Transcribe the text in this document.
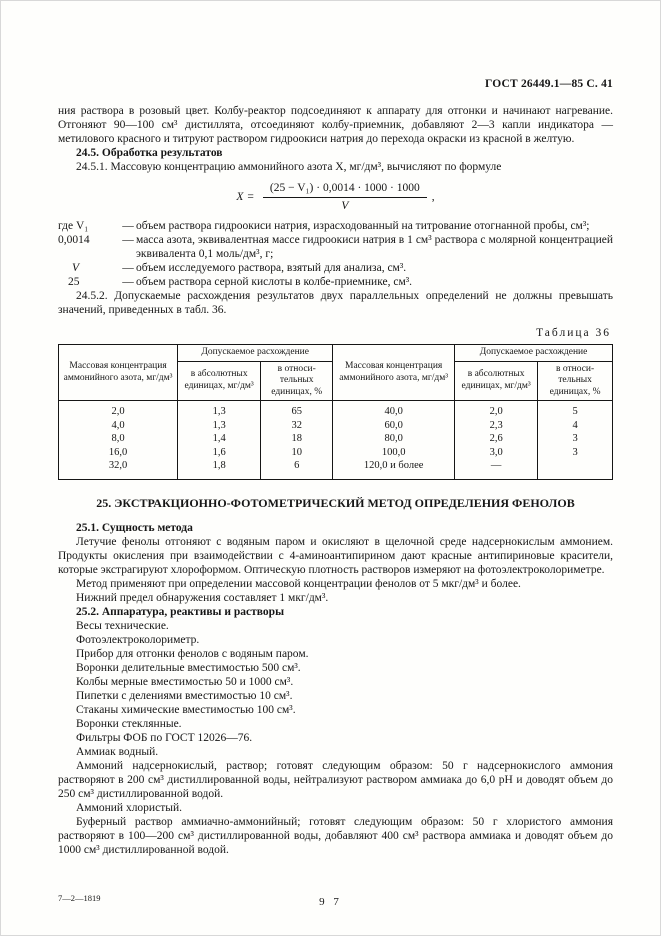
ГОСТ 26449.1—85 С. 41

ния раствора в розовый цвет. Колбу-реактор подсоединяют к аппарату для отгонки и начинают нагревание. Отгоняют 90—100 см³ дистиллята, отсоединяют колбу-приемник, добавляют 2—3 капли индикатора — метилового красного и титруют раствором гидроокиси натрия до перехода окраски из красной в желтую.

24.5. Обработка результатов

24.5.1. Массовую концентрацию аммонийного азота X, мг/дм³, вычисляют по формуле

$X = \frac{\text{(25 − V₁) · 0,0014 · 1000 · 1000}}{V}$ ,
где V₁	— объем раствора гидроокиси натрия, израсходованный на титрование отогнанной пробы, см³;
0,0014	— масса азота, эквивалентная массе гидроокиси натрия в 1 см³ раствора с молярной концентрацией эквивалента 0,1 моль/дм³, г;
V	— объем исследуемого раствора, взятый для анализа, см³.
25	— объем раствора серной кислоты в колбе-приемнике, см³.

24.5.2. Допускаемые расхождения результатов двух параллельных определений не должны превышать значений, приведенных в табл. 36.

Таблица 36
Массовая концентрация аммонийного азота, мг/дм³	Допускаемое расхождение		Массовая концентрация аммонийного азота, мг/дм³	Допускаемое расхождение	
	в абсолютных единицах, мг/дм³	в относительных единицах, %		в абсолютных единицах, мг/дм³	в относительных единицах, %
2,0	1,3	65	40,0	2,0	5
4,0	1,3	32	60,0	2,3	4
8,0	1,4	18	80,0	2,6	3
16,0	1,6	10	100,0	3,0	3
32,0	1,8	6	120,0 и более	—	
25. ЭКСТРАКЦИОННО-ФОТОМЕТРИЧЕСКИЙ МЕТОД ОПРЕДЕЛЕНИЯ ФЕНОЛОВ

25.1. Сущность метода

Летучие фенолы отгоняют с водяным паром и окисляют в щелочной среде надсернокислым аммонием. Продукты окисления при взаимодействии с 4-аминоантипирином дают красные антипириновые красители, которые экстрагируют хлороформом. Оптическую плотность растворов измеряют на фотоэлектроколориметре.

Метод применяют при определении массовой концентрации фенолов от 5 мкг/дм³ и более.

Нижний предел обнаружения составляет 1 мкг/дм³.

25.2. Аппаратура, реактивы и растворы

Весы технические.

Фотоэлектроколориметр.

Прибор для отгонки фенолов с водяным паром.

Воронки делительные вместимостью 500 см³.

Колбы мерные вместимостью 50 и 1000 см³.

Пипетки с делениями вместимостью 10 см³.

Стаканы химические вместимостью 100 см³.

Воронки стеклянные.

Фильтры ФОБ по ГОСТ 12026—76.

Аммиак водный.

Аммоний надсернокислый, раствор; готовят следующим образом: 50 г надсернокислого аммония растворяют в 200 см³ дистиллированной воды, нейтрализуют раствором аммиака до 6,0 pH и доводят объем до 250 см³ дистиллированной водой.

Аммоний хлористый.

Буферный раствор аммиачно-аммонийный; готовят следующим образом: 50 г хлористого аммония растворяют в 100—200 см³ дистиллированной воды, добавляют 400 см³ раствора аммиака и доводят объем до 1000 см³ дистиллированной водой.

7—2—1819	9 7
